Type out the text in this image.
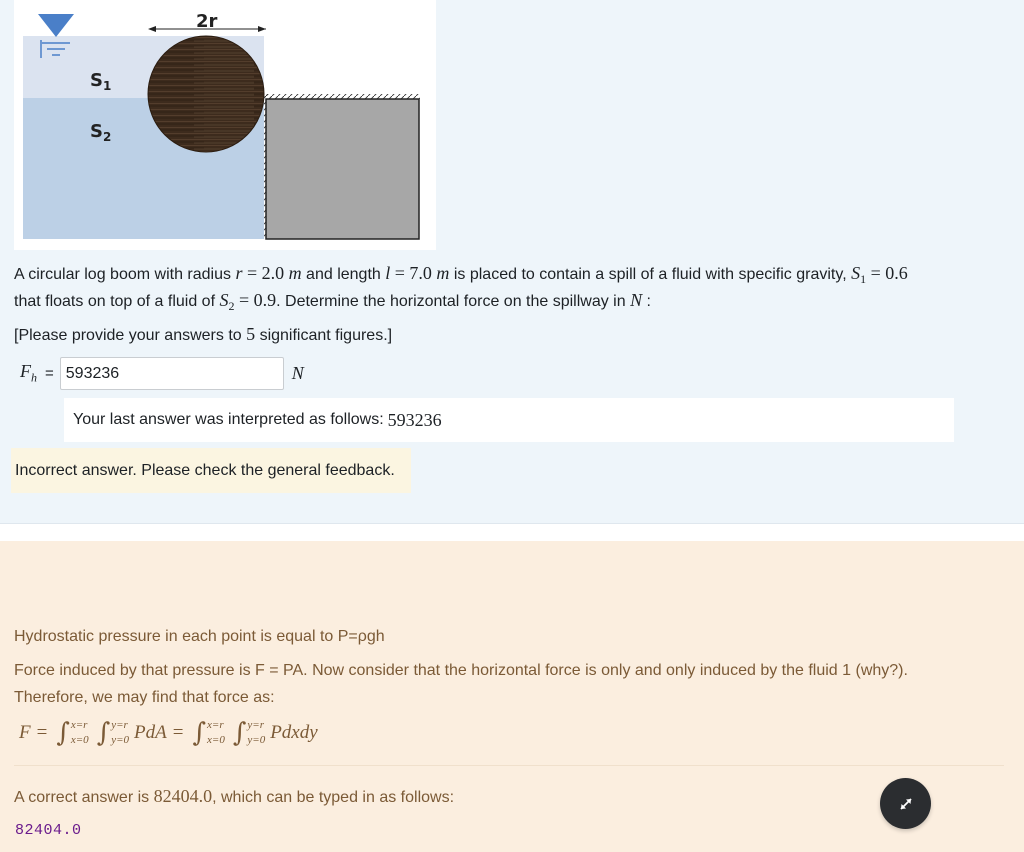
$S_1$
$S_2$
2r
A circular log boom with radius r = 2.0 m and length l = 7.0 m is placed to contain a spill of a fluid with specific gravity, $S_1 = 0.6$
that floats on top of a fluid of $S_2 = 0.9$. Determine the horizontal force on the spillway in N :
[Please provide your answers to 5 significant figures.]
$F_h$ =
593236	N
Your last answer was interpreted as follows: 593236
Incorrect answer. Please check the general feedback.
Hydrostatic pressure in each point is equal to P=ρgh
Force induced by that pressure is F = PA. Now consider that the horizontal force is only and only induced by the fluid 1 (why?).
Therefore, we may find that force as:
F = ∫ x=r
x=0 ∫ y=r
y=0 PdA = ∫ x=r
x=0 ∫ y=r
y=0 Pdxdy
A correct answer is 82404.0, which can be typed in as follows:
82404.0
